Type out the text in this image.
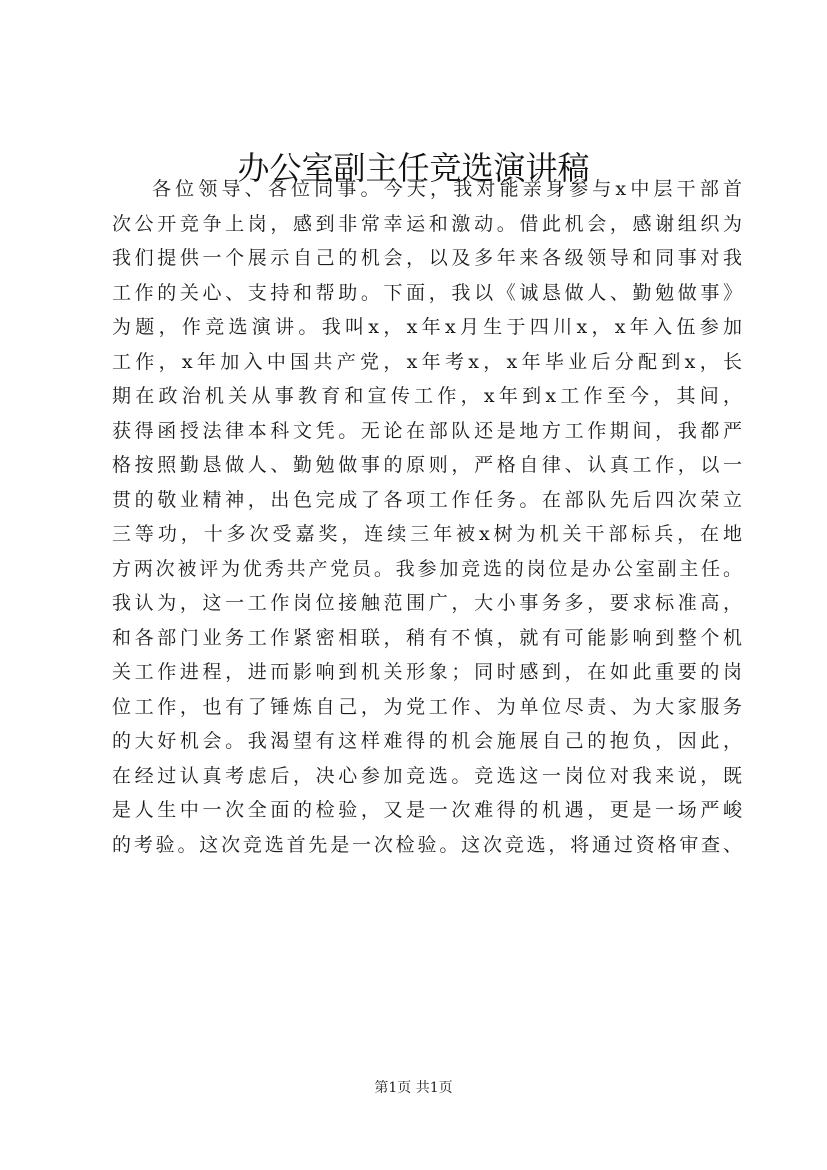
办公室副主任竞选演讲稿
各位领导、各位同事。今天，我对能亲身参与x中层干部首
次公开竞争上岗，感到非常幸运和激动。借此机会，感谢组织为
我们提供一个展示自己的机会，以及多年来各级领导和同事对我
工作的关心、支持和帮助。下面，我以《诚恳做人、勤勉做事》
为题，作竞选演讲。我叫x，x年x月生于四川x，x年入伍参加
工作，x年加入中国共产党，x年考x，x年毕业后分配到x，长
期在政治机关从事教育和宣传工作，x年到x工作至今，其间，
获得函授法律本科文凭。无论在部队还是地方工作期间，我都严
格按照勤恳做人、勤勉做事的原则，严格自律、认真工作，以一
贯的敬业精神，出色完成了各项工作任务。在部队先后四次荣立
三等功，十多次受嘉奖，连续三年被x树为机关干部标兵，在地
方两次被评为优秀共产党员。我参加竞选的岗位是办公室副主任。
我认为，这一工作岗位接触范围广，大小事务多，要求标准高，
和各部门业务工作紧密相联，稍有不慎，就有可能影响到整个机
关工作进程，进而影响到机关形象；同时感到，在如此重要的岗
位工作，也有了锤炼自己，为党工作、为单位尽责、为大家服务
的大好机会。我渴望有这样难得的机会施展自己的抱负，因此，
在经过认真考虑后，决心参加竞选。竞选这一岗位对我来说，既
是人生中一次全面的检验，又是一次难得的机遇，更是一场严峻
的考验。这次竞选首先是一次检验。这次竞选，将通过资格审查、
第1页 共1页
